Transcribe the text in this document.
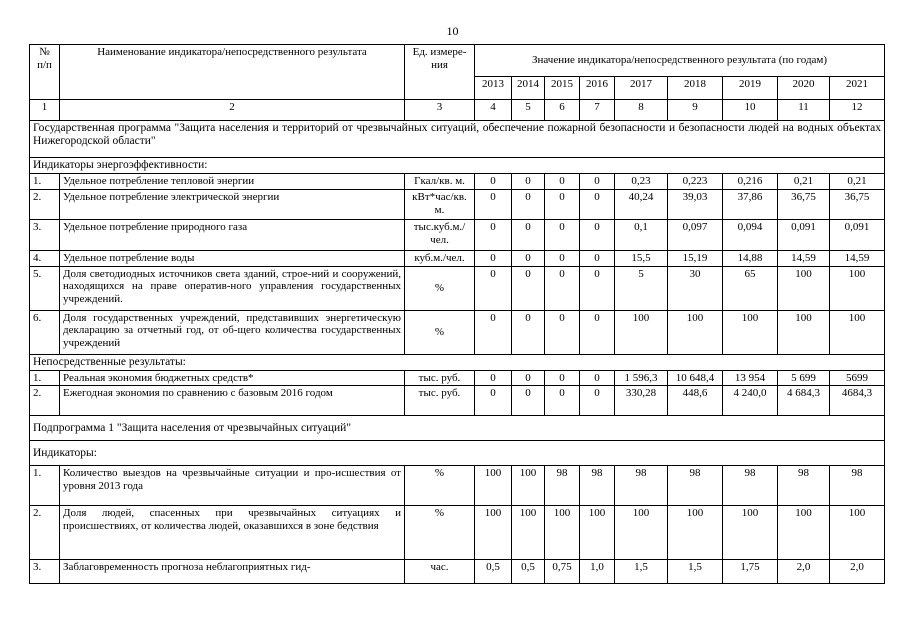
10
№
п/п	Наименование индикатора/непосредственного результата	Ед. измере-ния	Значение индикатора/непосредственного результата (по годам)								
			2013	2014	2015	2016	2017	2018	2019	2020	2021
1	2	3	4	5	6	7	8	9	10	11	12
Государственная программа "Защита населения и территорий от чрезвычайных ситуаций, обеспечение пожарной безопасности и безопасности людей на водных объектах Нижегородской области"											
Индикаторы энергоэффективности:											
1.	Удельное потребление тепловой энергии	Гкал/кв. м.	0	0	0	0	0,23	0,223	0,216	0,21	0,21
2.	Удельное потребление электрической энергии	кВт*час/кв. м.	0	0	0	0	40,24	39,03	37,86	36,75	36,75
3.	Удельное потребление природного газа	тыс.куб.м./чел.	0	0	0	0	0,1	0,097	0,094	0,091	0,091
4.	Удельное потребление воды	куб.м./чел.	0	0	0	0	15,5	15,19	14,88	14,59	14,59
5.	Доля светодиодных источников света зданий, строе-ний и сооружений, находящихся на праве оператив-ного управления государственных учреждений.	%	0	0	0	0	5	30	65	100	100
6.	Доля государственных учреждений, представивших энергетическую декларацию за отчетный год, от об-щего количества государственных учреждений	%	0	0	0	0	100	100	100	100	100
Непосредственные результаты:											
1.	Реальная экономия бюджетных средств*	тыс. руб.	0	0	0	0	1 596,3	10 648,4	13 954	5 699	5699
2.	Ежегодная экономия по сравнению с базовым 2016 годом	тыс. руб.	0	0	0	0	330,28	448,6	4 240,0	4 684,3	4684,3
Подпрограмма 1 "Защита населения от чрезвычайных ситуаций"											
Индикаторы:											
1.	Количество выездов на чрезвычайные ситуации и про-исшествия от уровня 2013 года	%	100	100	98	98	98	98	98	98	98
2.	Доля людей, спасенных при чрезвычайных ситуациях и происшествиях, от количества людей, оказавшихся в зоне бедствия	%	100	100	100	100	100	100	100	100	100
3.	Заблаговременность прогноза неблагоприятных гид-	час.	0,5	0,5	0,75	1,0	1,5	1,5	1,75	2,0	2,0
